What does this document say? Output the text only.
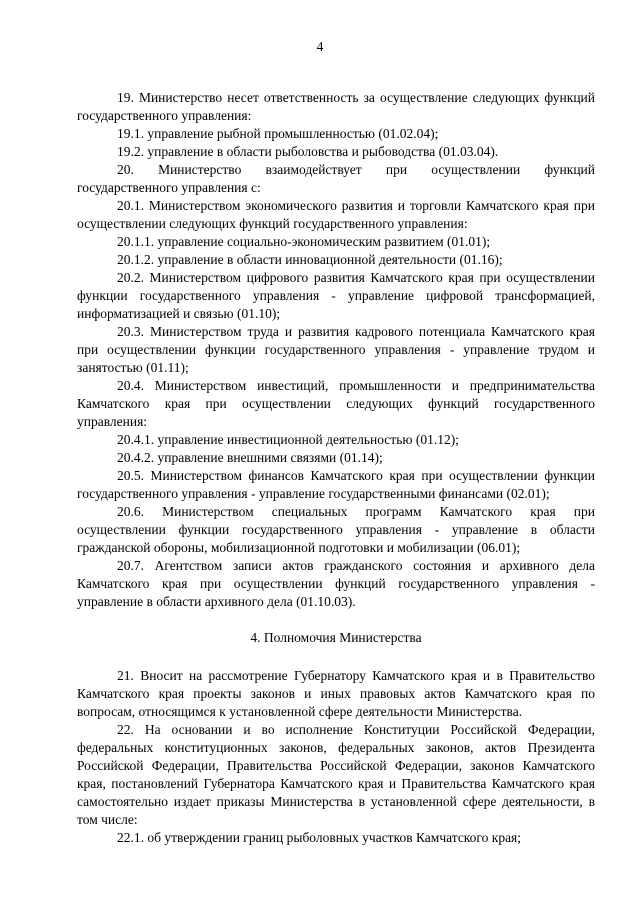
4

19. Министерство несет ответственность за осуществление следующих функций государственного управления:

19.1. управление рыбной промышленностью (01.02.04);

19.2. управление в области рыболовства и рыбоводства (01.03.04).

20. Министерство взаимодействует при осуществлении функций государственного управления с:

20.1. Министерством экономического развития и торговли Камчатского края при осуществлении следующих функций государственного управления:

20.1.1. управление социально-экономическим развитием (01.01);

20.1.2. управление в области инновационной деятельности (01.16);

20.2. Министерством цифрового развития Камчатского края при осуществлении функции государственного управления - управление цифровой трансформацией, информатизацией и связью (01.10);

20.3. Министерством труда и развития кадрового потенциала Камчатского края при осуществлении функции государственного управления - управление трудом и занятостью (01.11);

20.4. Министерством инвестиций, промышленности и предпринимательства Камчатского края при осуществлении следующих функций государственного управления:

20.4.1. управление инвестиционной деятельностью (01.12);

20.4.2. управление внешними связями (01.14);

20.5. Министерством финансов Камчатского края при осуществлении функции государственного управления - управление государственными финансами (02.01);

20.6. Министерством специальных программ Камчатского края при осуществлении функции государственного управления - управление в области гражданской обороны, мобилизационной подготовки и мобилизации (06.01);

20.7. Агентством записи актов гражданского состояния и архивного дела Камчатского края при осуществлении функций государственного управления - управление в области архивного дела (01.10.03).

4. Полномочия Министерства

21. Вносит на рассмотрение Губернатору Камчатского края и в Правительство Камчатского края проекты законов и иных правовых актов Камчатского края по вопросам, относящимся к установленной сфере деятельности Министерства.

22. На основании и во исполнение Конституции Российской Федерации, федеральных конституционных законов, федеральных законов, актов Президента Российской Федерации, Правительства Российской Федерации, законов Камчатского края, постановлений Губернатора Камчатского края и Правительства Камчатского края самостоятельно издает приказы Министерства в установленной сфере деятельности, в том числе:

22.1. об утверждении границ рыболовных участков Камчатского края;
